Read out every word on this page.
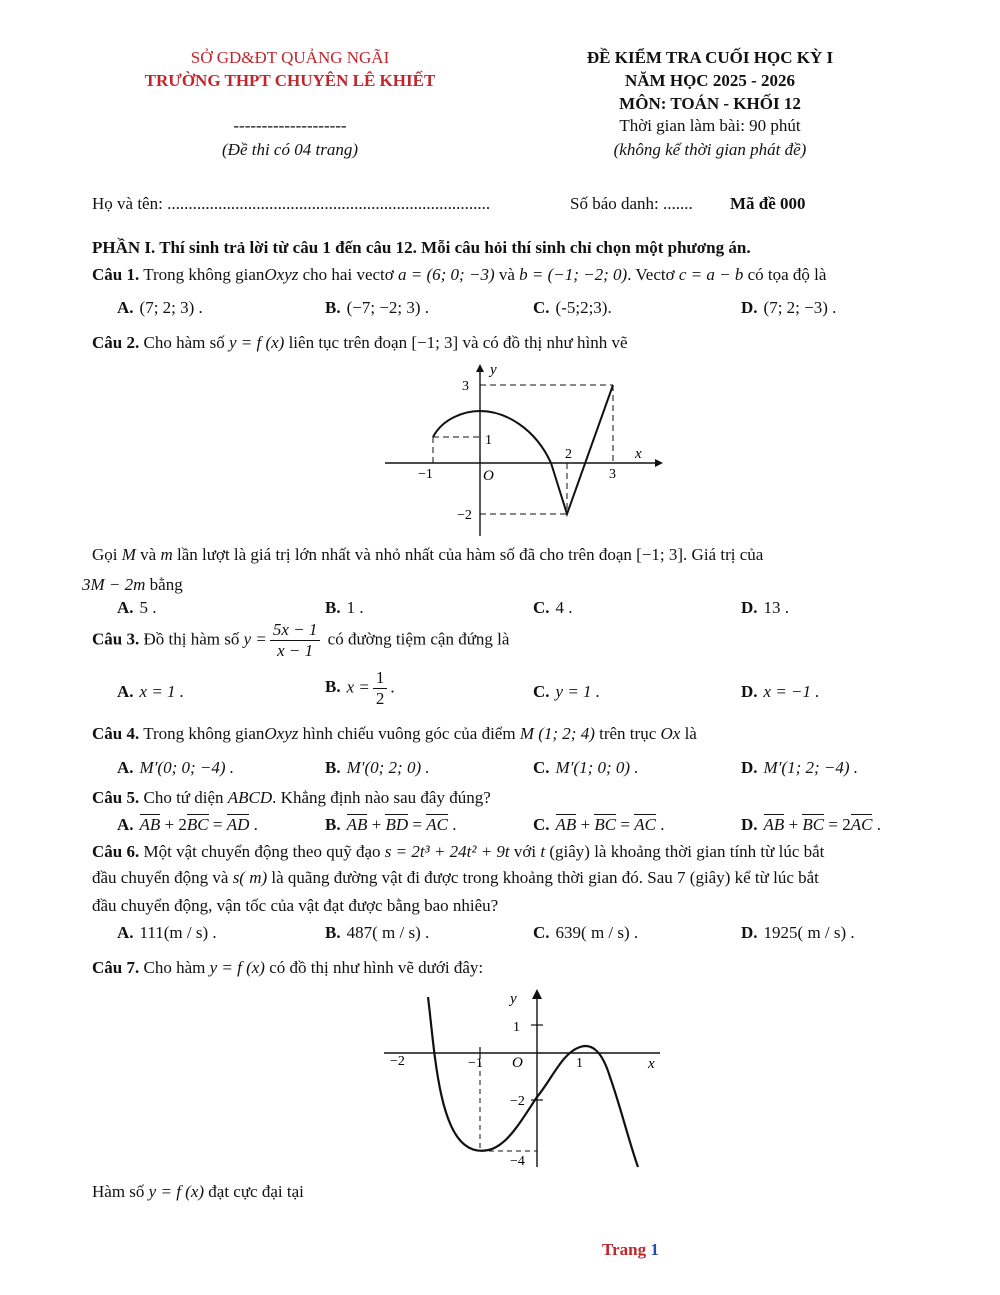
SỞ GD&ĐT QUẢNG NGÃI
TRƯỜNG THPT CHUYÊN LÊ KHIẾT
--------------------
(Đề thi có 04 trang)
ĐỀ KIỂM TRA CUỐI HỌC KỲ I
NĂM HỌC 2025 - 2026
MÔN: TOÁN - KHỐI 12
Thời gian làm bài: 90 phút
(không kể thời gian phát đề)
Họ và tên: ............................................................................	Số báo danh: ....... Mã đề 000
PHẦN I. Thí sinh trả lời từ câu 1 đến câu 12. Mỗi câu hỏi thí sinh chỉ chọn một phương án.
Câu 1. Trong không gianOxyz cho hai vectơ a = (6; 0; −3) và b = (−1; −2; 0). Vectơ c = a − b có tọa độ là
A. (7; 2; 3) .	B. (−7; −2; 3) .	C. (-5;2;3).	D. (7; 2; −3) .
Câu 2. Cho hàm số y = f (x) liên tục trên đoạn [−1; 3] và có đồ thị như hình vẽ
y
x
O
3
1
2
−1	3
−2
Gọi M và m lần lượt là giá trị lớn nhất và nhỏ nhất của hàm số đã cho trên đoạn [−1; 3]. Giá trị của
3M − 2m bằng
A. 5 .	B. 1 .	C. 4 .	D. 13 .
Câu 3. Đồ thị hàm số $y = \frac{5x - 1}{x - 1}$ có đường tiệm cận đứng là
A. x = 1 .	B. $x = \frac{1}{2}$ .	C. y = 1 .	D. x = −1 .
Câu 4. Trong không gianOxyz hình chiếu vuông góc của điểm M (1; 2; 4) trên trục Ox là
A. M′(0; 0; −4) .	B. M′(0; 2; 0) .	C. M′(1; 0; 0) .	D. M′(1; 2; −4) .
Câu 5. Cho tứ diện ABCD. Khẳng định nào sau đây đúng?
A. AB + 2BC = AD .	B. AB + BD = AC .	C. AB + BC = AC .	D. AB + BC = 2AC .
Câu 6. Một vật chuyển động theo quỹ đạo s = 2t³ + 24t² + 9t với t (giây) là khoảng thời gian tính từ lúc bắt
đầu chuyển động và s( m) là quãng đường vật đi được trong khoảng thời gian đó. Sau 7 (giây) kể từ lúc bắt
đầu chuyển động, vận tốc của vật đạt được bằng bao nhiêu?
A. 111(m / s) .	B. 487( m / s) .	C. 639( m / s) .	D. 1925( m / s) .
Câu 7. Cho hàm y = f (x) có đồ thị như hình vẽ dưới đây:
y
x
O
1
−2	−1	1
−2
−4
Hàm số y = f (x) đạt cực đại tại
Trang 1
